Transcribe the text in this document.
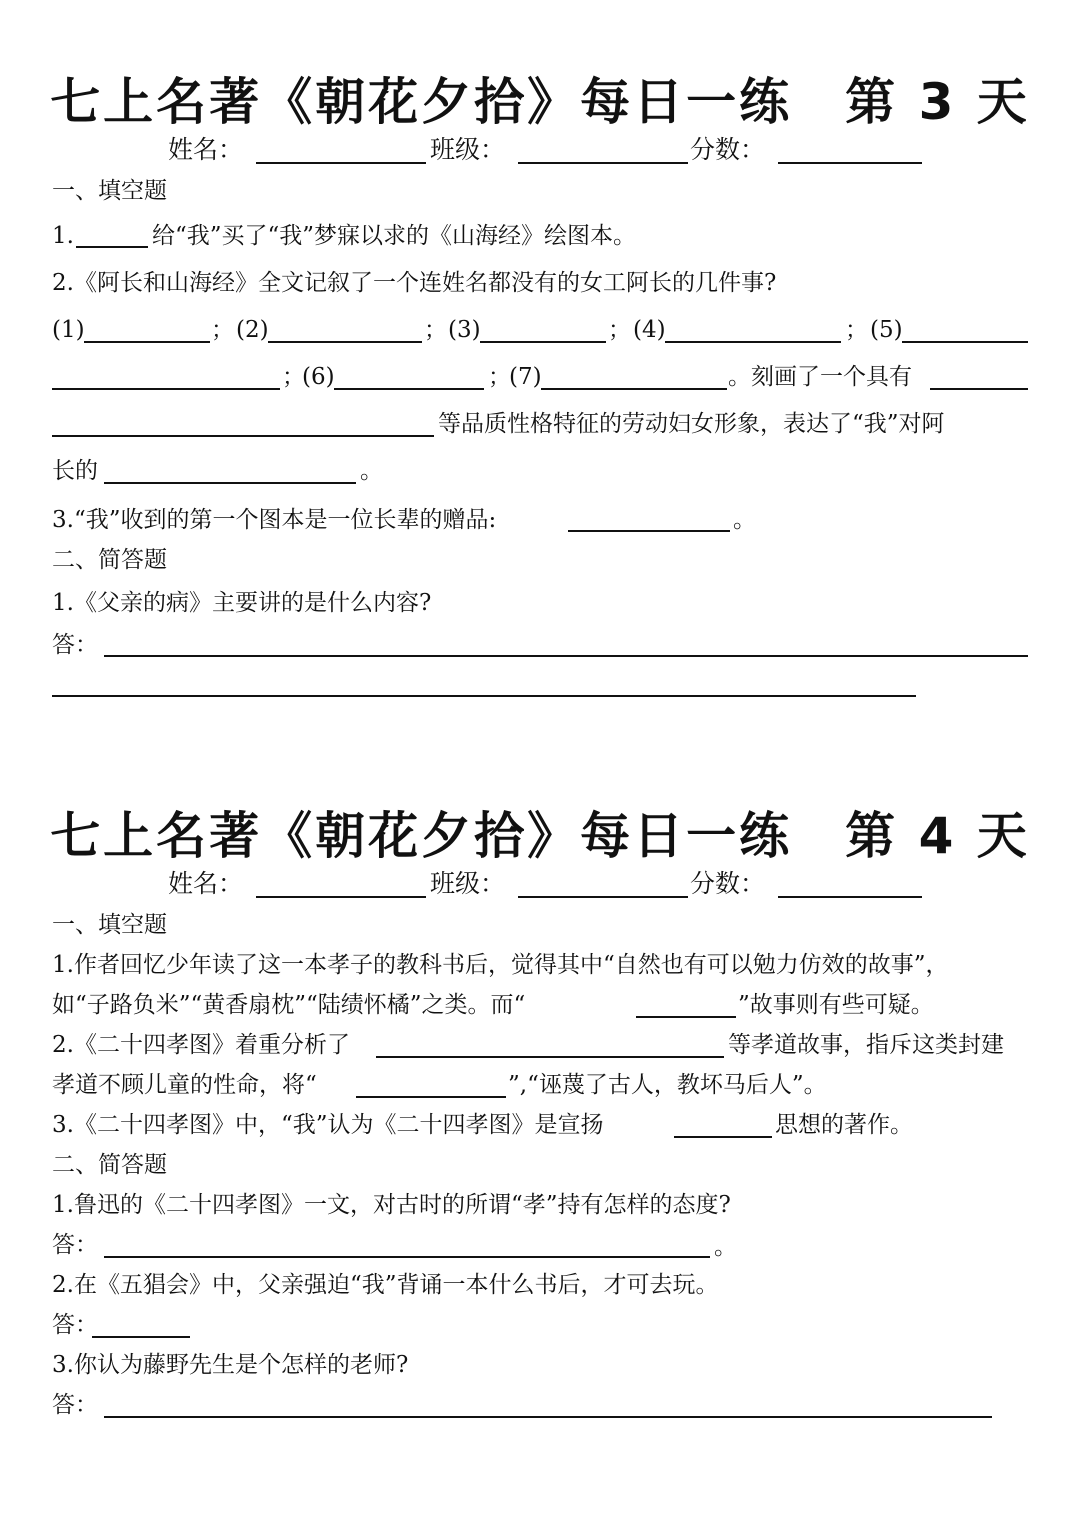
七上名著《朝花夕拾》每日一练　第 3 天
姓名：	班级：	分数：
一、填空题
1.	给“我”买了“我”梦寐以求的《山海经》绘图本。
2.《阿长和山海经》全文记叙了一个连姓名都没有的女工阿长的几件事?
(1)	； (2)	； (3)	； (4)	； (5)
；
(6)	；
(7)	。刻画了一个具有
等品质性格特征的劳动妇女形象，表达了“我”对阿
长的	。
3.“我”收到的第一个图本是一位长辈的赠品:	。
二、简答题
1.《父亲的病》主要讲的是什么内容?
答：
七上名著《朝花夕拾》每日一练　第 4 天
姓名：	班级：	分数：
一、填空题
1.作者回忆少年读了这一本孝子的教科书后，觉得其中“自然也有可以勉力仿效的故事”，
如“子路负米”“黄香扇枕”“陆绩怀橘”之类。而“	”故事则有些可疑。
2.《二十四孝图》着重分析了	等孝道故事，指斥这类封建
孝道不顾儿童的性命，将“	”,“诬蔑了古人，教坏马后人”。
3.《二十四孝图》中，“我”认为《二十四孝图》是宣扬	思想的著作。
二、简答题
1.鲁迅的《二十四孝图》一文，对古时的所谓“孝”持有怎样的态度?
答：	。
2.在《五猖会》中，父亲强迫“我”背诵一本什么书后，才可去玩。
答：
3.你认为藤野先生是个怎样的老师?
答：
